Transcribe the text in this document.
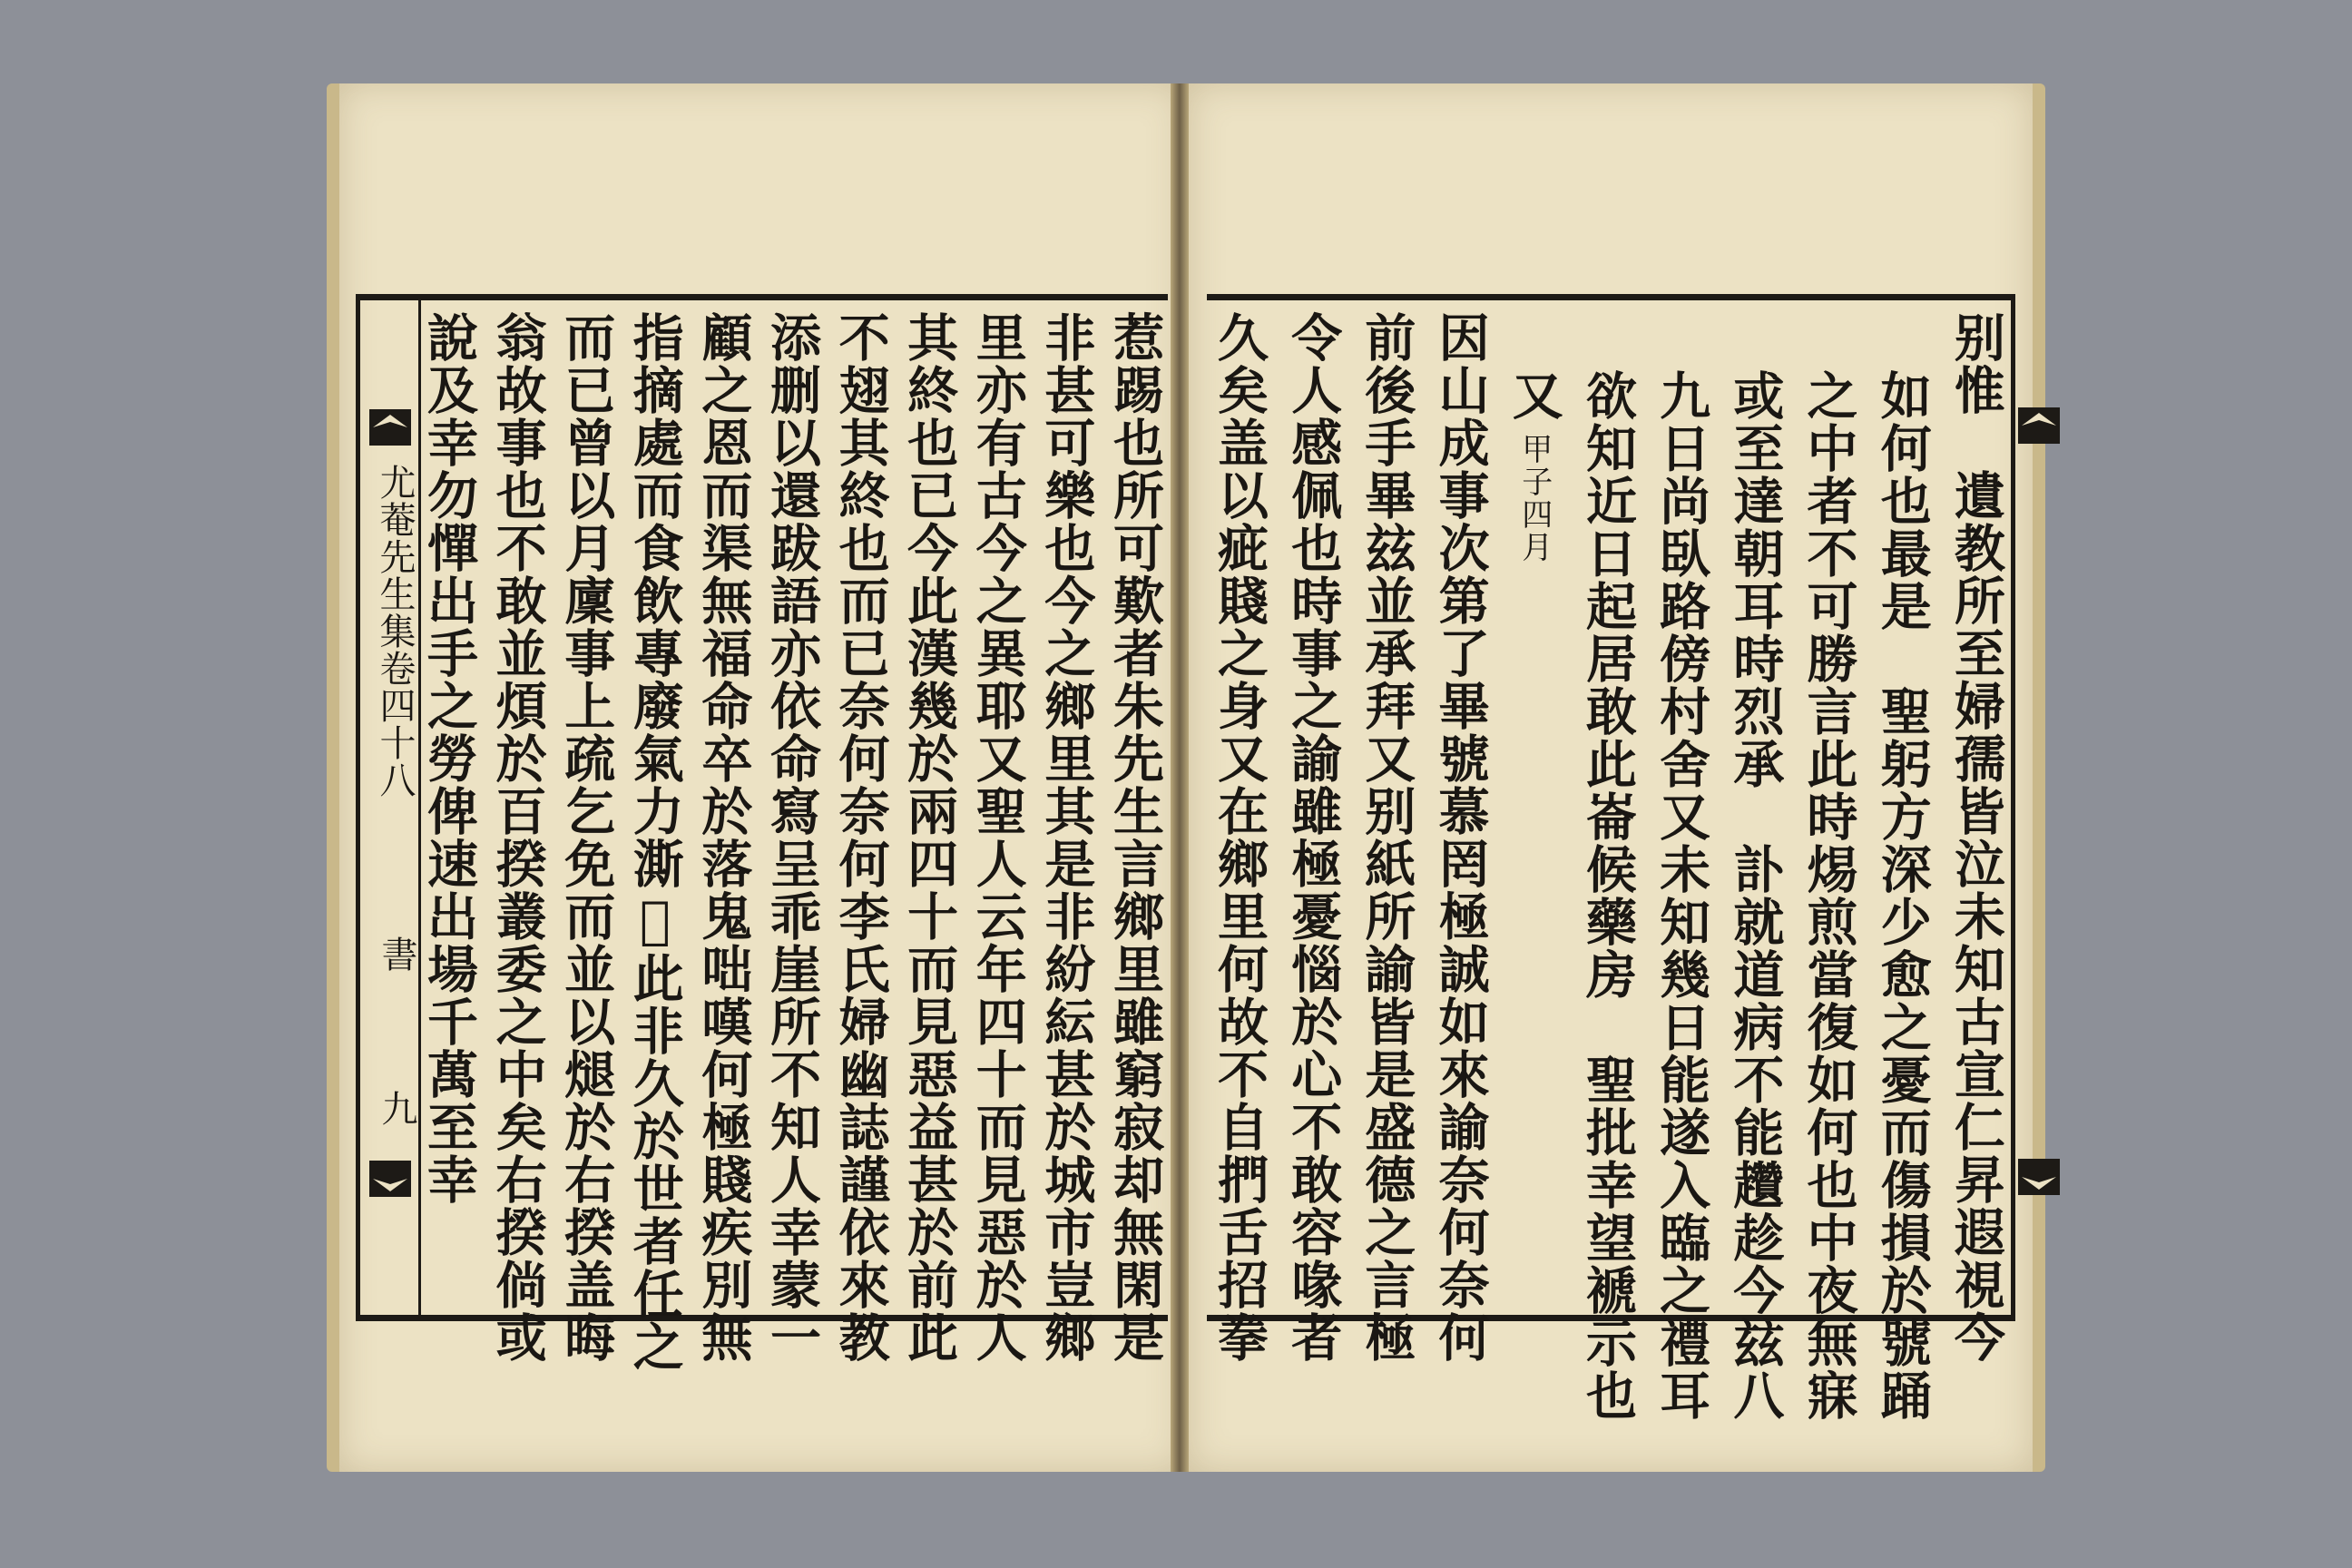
尤菴先生集卷四十八
書
九	惹踢也所可歎者朱先生言鄉里雖窮寂却無閑是
非甚可樂也今之鄉里其是非紛紜甚於城市豈鄉
里亦有古今之異耶又聖人云年四十而見惡於人
其終也已今此漢幾於兩四十而見惡益甚於前此
不翅其終也而已奈何奈何李氏婦幽誌謹依來教
添删以還跋語亦依命寫呈乖崖所不知人幸蒙一
顧之恩而渠無福命卒於落鬼咄嘆何極賤疾別無
指摘處而食飲專廢氣力澌𡱈此非久於世者任之
而已曾以月廩事上疏乞免而並以煺於右揆盖晦
翁故事也不敢並煩於百揆叢委之中矣右揆倘或
說及幸勿憚出手之勞俾速出場千萬至幸	别惟　遺教所至婦孺皆泣未知古宣仁昇遐視今
如何也最是　聖躬方深少愈之憂而傷損於號踊
之中者不可勝言此時焬煎當復如何也中夜無寐
或至達朝耳時烈承　訃就道病不能趲趁今玆八
九日尚臥路傍村舍又未知幾日能遂入臨之禮耳
欲知近日起居敢此崙候藥房　聖批幸望褫示也
又
甲子四月
因山成事次第了畢號慕罔極誠如來諭奈何奈何
前後手畢玆並承拜又别紙所諭皆是盛德之言極
令人感佩也時事之諭雖極憂惱於心不敢容喙者
久矣盖以疵賤之身又在鄉里何故不自捫舌招拳
